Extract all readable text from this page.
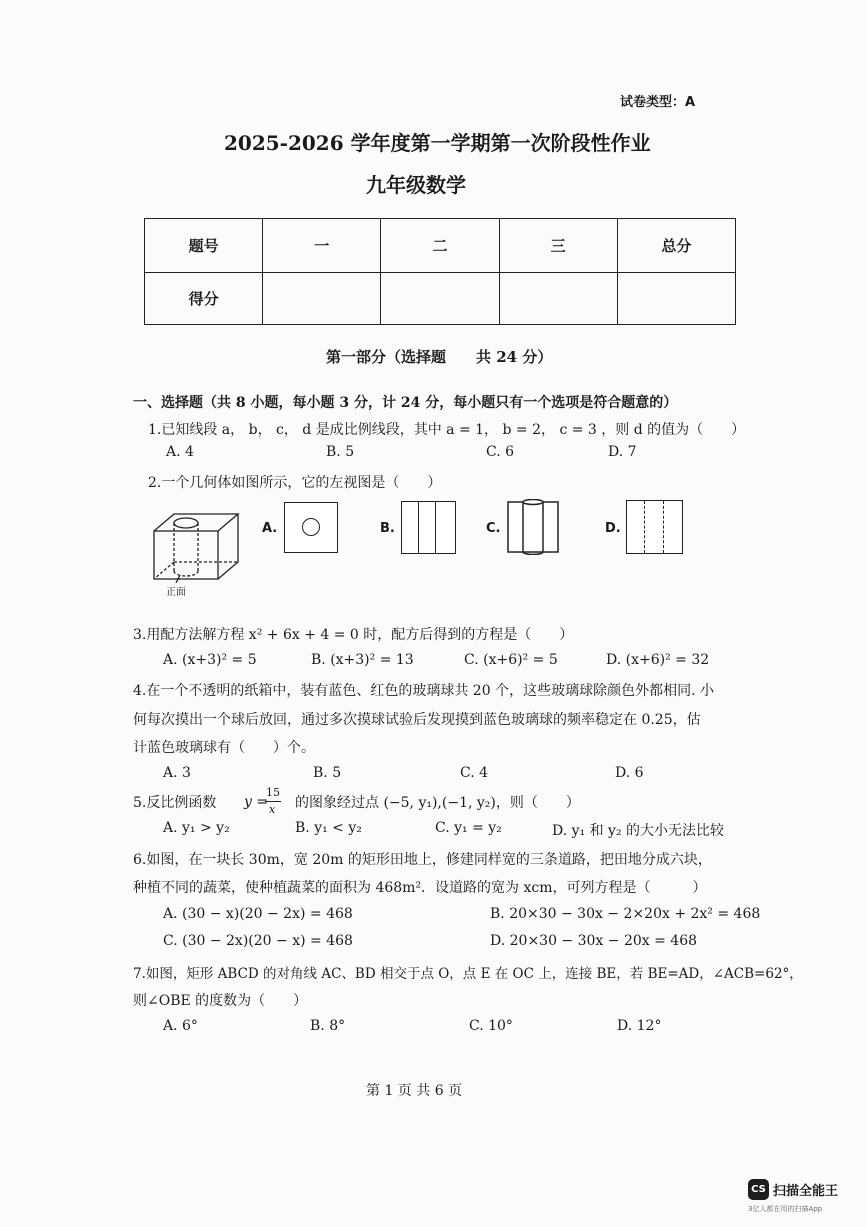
试卷类型：A
2025-2026 学年度第一学期第一次阶段性作业
九年级数学
题号	一	二	三	总分
得分				
第一部分（选择题　　共 24 分）
一、选择题（共 8 小题，每小题 3 分，计 24 分，每小题只有一个选项是符合题意的）
1.已知线段 a， b， c， d 是成比例线段，其中 a = 1， b = 2， c = 3 ，则 d 的值为（　　）
A. 4	B. 5	C. 6	D. 7
2.一个几何体如图所示，它的左视图是（　　）
正面
A.	B.	C.	D.
3.用配方法解方程 x² + 6x + 4 = 0 时，配方后得到的方程是（　　）
A. (x+3)² = 5	B. (x+3)² = 13	C. (x+6)² = 5	D. (x+6)² = 32
4.在一个不透明的纸箱中，装有蓝色、红色的玻璃球共 20 个，这些玻璃球除颜色外都相同. 小
何每次摸出一个球后放回，通过多次摸球试验后发现摸到蓝色玻璃球的频率稳定在 0.25，估
计蓝色玻璃球有（　　）个。
A. 3	B. 5	C. 4	D. 6
5.反比例函数 y =
15
x 的图象经过点 (−5, y₁),(−1, y₂)，则（　　）
A. y₁ > y₂	B. y₁ < y₂	C. y₁ = y₂	D. y₁ 和 y₂ 的大小无法比较
6.如图，在一块长 30m，宽 20m 的矩形田地上，修建同样宽的三条道路，把田地分成六块，
种植不同的蔬菜，使种植蔬菜的面积为 468m²．设道路的宽为 xcm，可列方程是（　　　）
A. (30 − x)(20 − 2x) = 468	B. 20×30 − 30x − 2×20x + 2x² = 468
C. (30 − 2x)(20 − x) = 468	D. 20×30 − 30x − 20x = 468
7.如图，矩形 ABCD 的对角线 AC、BD 相交于点 O，点 E 在 OC 上，连接 BE，若 BE=AD，∠ACB=62°，
则∠OBE 的度数为（　　）
A. 6°	B. 8°	C. 10°	D. 12°
第 1 页 共 6 页
CS 扫描全能王
3亿人都在用的扫描App
